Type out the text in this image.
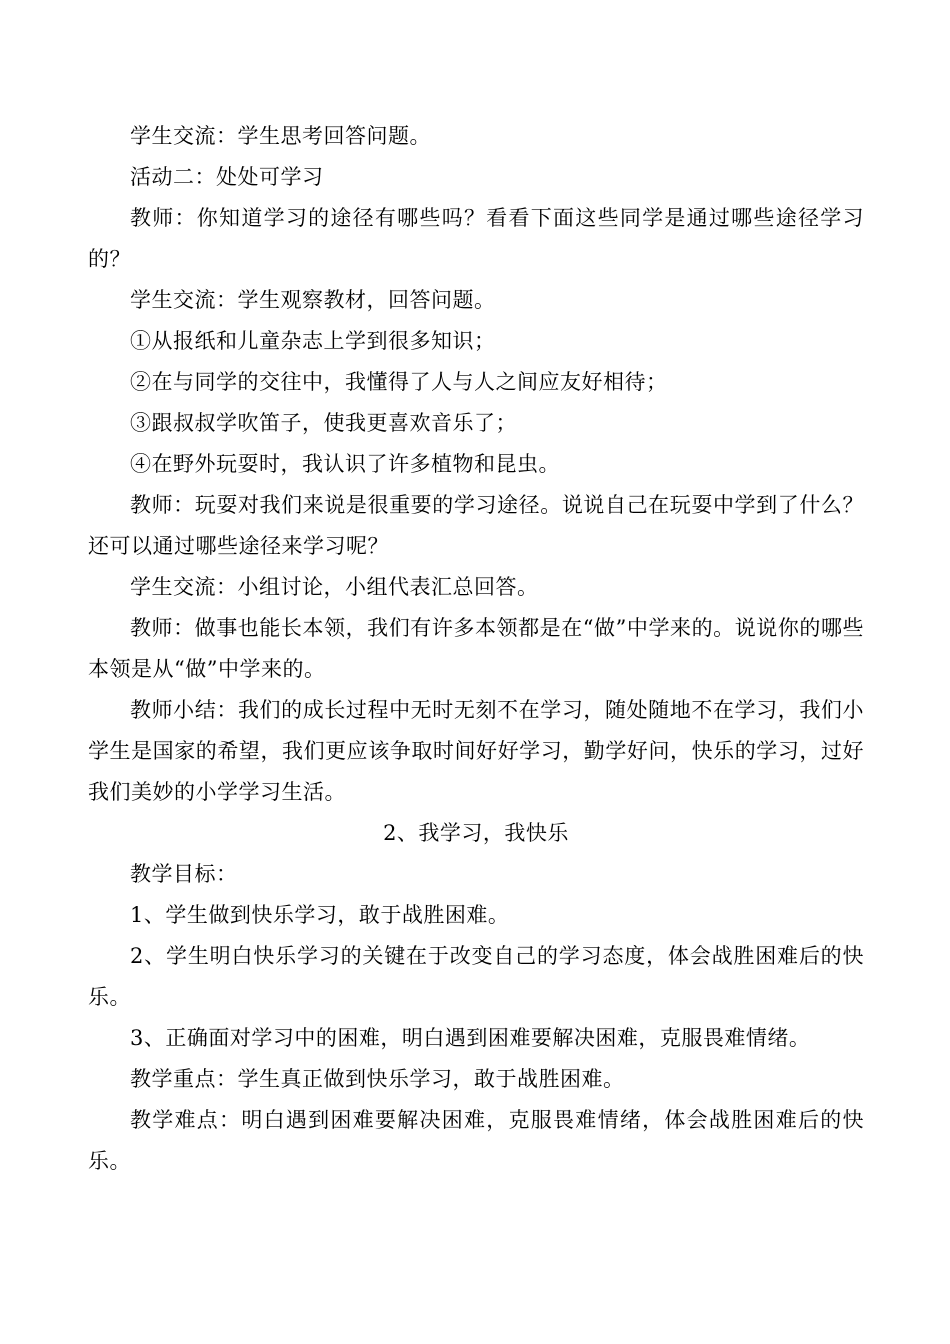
学生交流：学生思考回答问题。

活动二：处处可学习

教师：你知道学习的途径有哪些吗？看看下面这些同学是通过哪些途径学习的？

学生交流：学生观察教材，回答问题。

①从报纸和儿童杂志上学到很多知识；

②在与同学的交往中，我懂得了人与人之间应友好相待；

③跟叔叔学吹笛子，使我更喜欢音乐了；

④在野外玩耍时，我认识了许多植物和昆虫。

教师：玩耍对我们来说是很重要的学习途径。说说自己在玩耍中学到了什么？还可以通过哪些途径来学习呢？

学生交流：小组讨论，小组代表汇总回答。

教师：做事也能长本领，我们有许多本领都是在“做”中学来的。说说你的哪些本领是从“做”中学来的。

教师小结：我们的成长过程中无时无刻不在学习，随处随地不在学习，我们小学生是国家的希望，我们更应该争取时间好好学习，勤学好问，快乐的学习，过好我们美妙的小学学习生活。

2、我学习，我快乐

教学目标：

1、学生做到快乐学习，敢于战胜困难。

2、学生明白快乐学习的关键在于改变自己的学习态度，体会战胜困难后的快乐。

3、正确面对学习中的困难，明白遇到困难要解决困难，克服畏难情绪。

教学重点：学生真正做到快乐学习，敢于战胜困难。

教学难点：明白遇到困难要解决困难，克服畏难情绪，体会战胜困难后的快乐。
